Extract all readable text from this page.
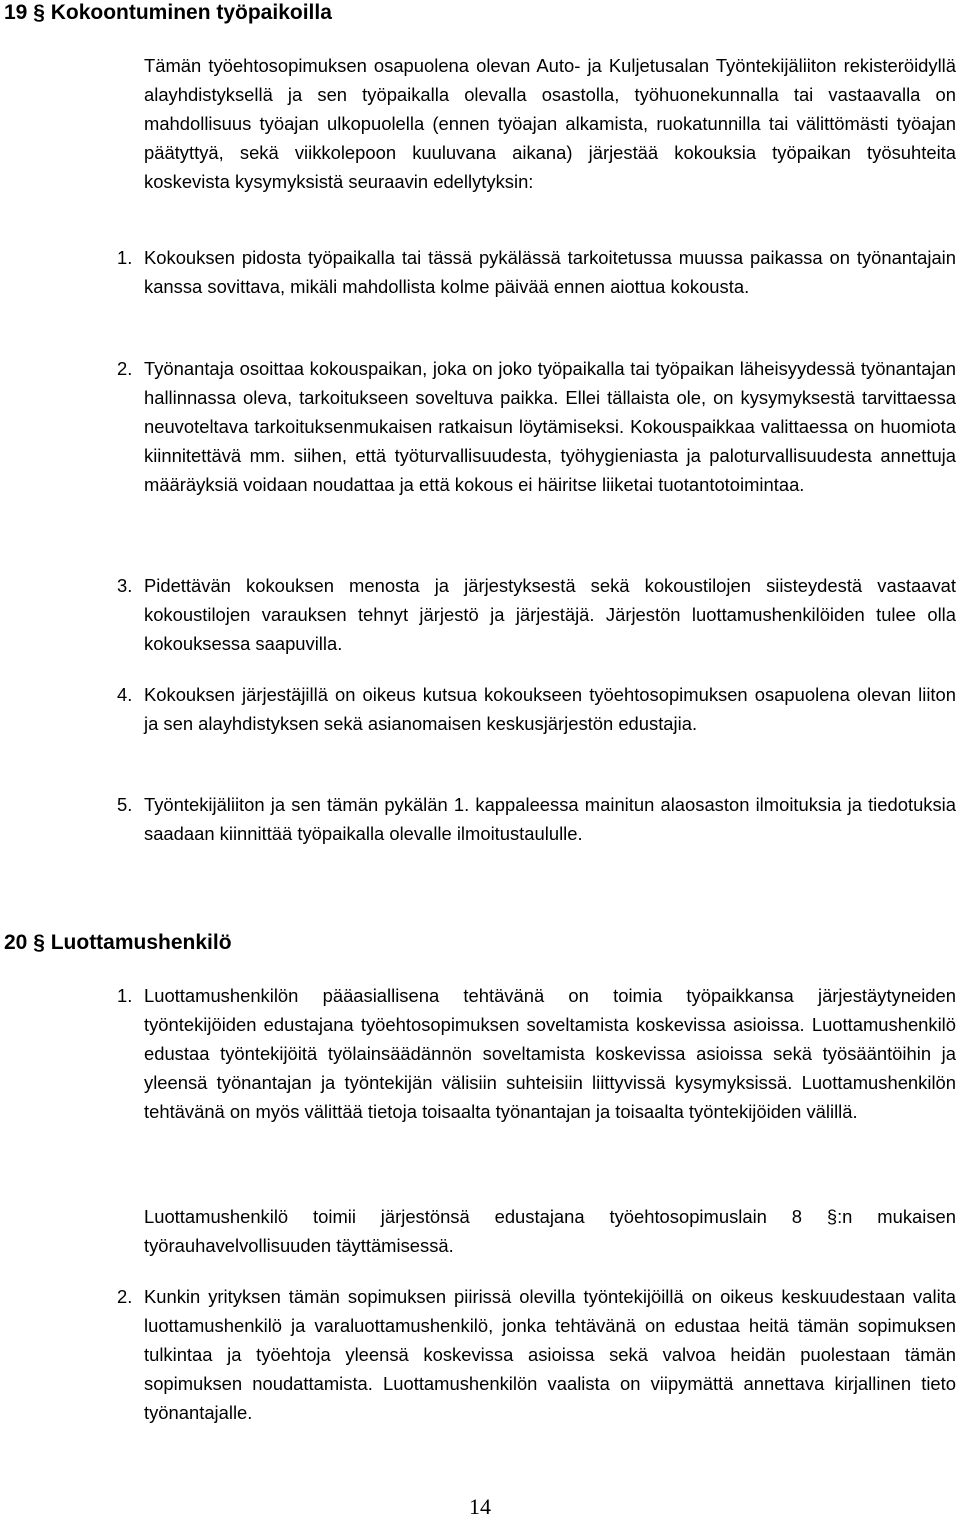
19 § Kokoontuminen työpaikoilla

Tämän työehtosopimuksen osapuolena olevan Auto- ja Kuljetusalan Työntekijäliiton rekisteröidyllä alayhdistyksellä ja sen työpaikalla olevalla osastolla, työhuonekunnalla tai vastaavalla on mahdollisuus työajan ulkopuolella (ennen työajan alkamista, ruokatunnilla tai välittömästi työajan päätyttyä, sekä viikkolepoon kuuluvana aikana) järjestää kokouksia työpaikan työsuhteita koskevista kysymyksistä seuraavin edellytyksin:

1. Kokouksen pidosta työpaikalla tai tässä pykälässä tarkoitetussa muussa paikassa on työnantajain kanssa sovittava, mikäli mahdollista kolme päivää ennen aiottua kokousta.
2. Työnantaja osoittaa kokouspaikan, joka on joko työpaikalla tai työpaikan läheisyydessä työnantajan hallinnassa oleva, tarkoitukseen soveltuva paikka. Ellei tällaista ole, on kysymyksestä tarvittaessa neuvoteltava tarkoituksenmukaisen ratkaisun löytämiseksi. Kokouspaikkaa valittaessa on huomiota kiinnitettävä mm. siihen, että työturvallisuudesta, työhygieniasta ja paloturvallisuudesta annettuja määräyksiä voidaan noudattaa ja että kokous ei häiritse liiketai tuotantotoimintaa.
3. Pidettävän kokouksen menosta ja järjestyksestä sekä kokoustilojen siisteydestä vastaavat kokoustilojen varauksen tehnyt järjestö ja järjestäjä. Järjestön luottamushenkilöiden tulee olla kokouksessa saapuvilla.
4. Kokouksen järjestäjillä on oikeus kutsua kokoukseen työehtosopimuksen osapuolena olevan liiton ja sen alayhdistyksen sekä asianomaisen keskusjärjestön edustajia.
5. Työntekijäliiton ja sen tämän pykälän 1. kappaleessa mainitun alaosaston ilmoituksia ja tiedotuksia saadaan kiinnittää työpaikalla olevalle ilmoitustaululle.
20 § Luottamushenkilö
1. Luottamushenkilön pääasiallisena tehtävänä on toimia työpaikkansa järjestäytyneiden työntekijöiden edustajana työehtosopimuksen soveltamista koskevissa asioissa. Luottamushenkilö edustaa työntekijöitä työlainsäädännön soveltamista koskevissa asioissa sekä työsääntöihin ja yleensä työnantajan ja työntekijän välisiin suhteisiin liittyvissä kysymyksissä. Luottamushenkilön tehtävänä on myös välittää tietoja toisaalta työnantajan ja toisaalta työntekijöiden välillä.
Luottamushenkilö toimii järjestönsä edustajana työehtosopimuslain 8 §:n mukaisen työrauhavelvollisuuden täyttämisessä.
2. Kunkin yrityksen tämän sopimuksen piirissä olevilla työntekijöillä on oikeus keskuudestaan valita luottamushenkilö ja varaluottamushenkilö, jonka tehtävänä on edustaa heitä tämän sopimuksen tulkintaa ja työehtoja yleensä koskevissa asioissa sekä valvoa heidän puolestaan tämän sopimuksen noudattamista. Luottamushenkilön vaalista on viipymättä annettava kirjallinen tieto työnantajalle.

14
